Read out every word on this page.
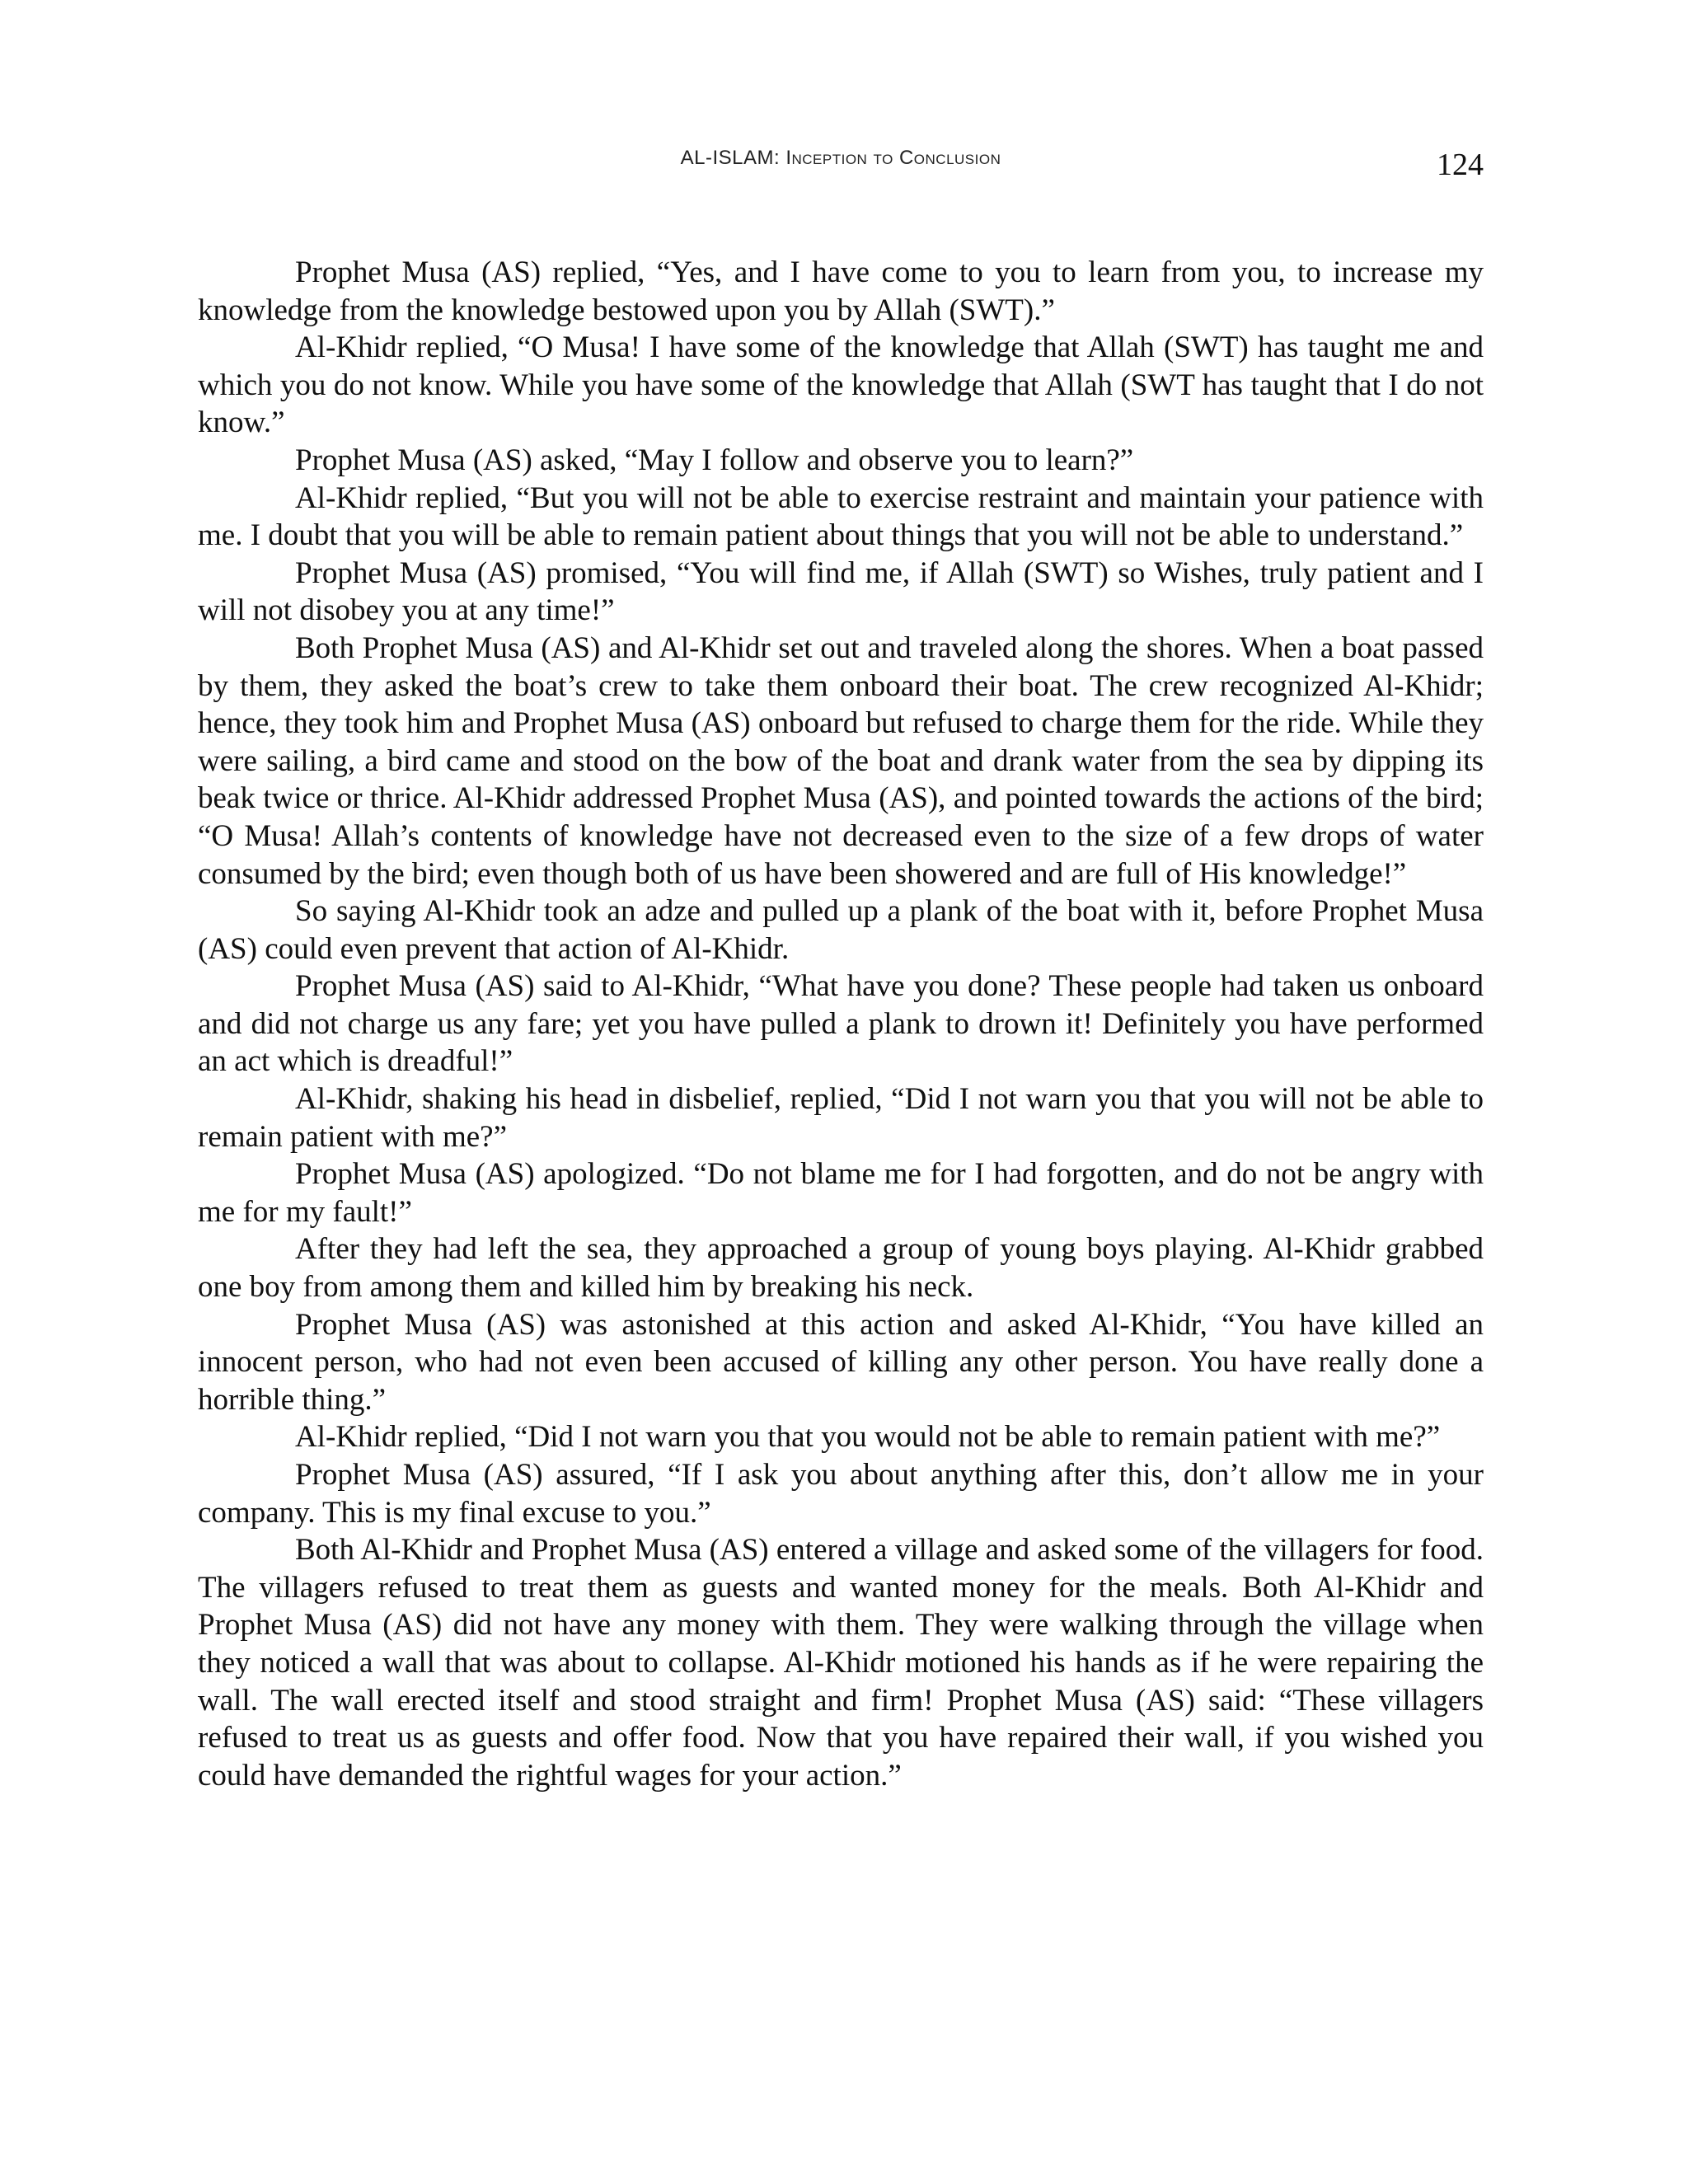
AL-ISLAM: Inception to Conclusion	124

Prophet Musa (AS) replied, “Yes, and I have come to you to learn from you, to increase my knowledge from the knowledge bestowed upon you by Allah (SWT).”

Al-Khidr replied, “O Musa! I have some of the knowledge that Allah (SWT) has taught me and which you do not know. While you have some of the knowledge that Allah (SWT has taught that I do not know.”

Prophet Musa (AS) asked, “May I follow and observe you to learn?”

Al-Khidr replied, “But you will not be able to exercise restraint and maintain your patience with me. I doubt that you will be able to remain patient about things that you will not be able to understand.”

Prophet Musa (AS) promised, “You will find me, if Allah (SWT) so Wishes, truly patient and I will not disobey you at any time!”

Both Prophet Musa (AS) and Al-Khidr set out and traveled along the shores. When a boat passed by them, they asked the boat’s crew to take them onboard their boat. The crew recognized Al-Khidr; hence, they took him and Prophet Musa (AS) onboard but refused to charge them for the ride. While they were sailing, a bird came and stood on the bow of the boat and drank water from the sea by dipping its beak twice or thrice. Al-Khidr addressed Prophet Musa (AS), and pointed towards the actions of the bird; “O Musa! Allah’s contents of knowledge have not decreased even to the size of a few drops of water consumed by the bird; even though both of us have been showered and are full of His knowledge!”

So saying Al-Khidr took an adze and pulled up a plank of the boat with it, before Prophet Musa (AS) could even prevent that action of Al-Khidr.

Prophet Musa (AS) said to Al-Khidr, “What have you done? These people had taken us onboard and did not charge us any fare; yet you have pulled a plank to drown it! Definitely you have performed an act which is dreadful!”

Al-Khidr, shaking his head in disbelief, replied, “Did I not warn you that you will not be able to remain patient with me?”

Prophet Musa (AS) apologized. “Do not blame me for I had forgotten, and do not be angry with me for my fault!”

After they had left the sea, they approached a group of young boys playing. Al-Khidr grabbed one boy from among them and killed him by breaking his neck.

Prophet Musa (AS) was astonished at this action and asked Al-Khidr, “You have killed an innocent person, who had not even been accused of killing any other person. You have really done a horrible thing.”

Al-Khidr replied, “Did I not warn you that you would not be able to remain patient with me?”

Prophet Musa (AS) assured, “If I ask you about anything after this, don’t allow me in your company. This is my final excuse to you.”

Both Al-Khidr and Prophet Musa (AS) entered a village and asked some of the villagers for food. The villagers refused to treat them as guests and wanted money for the meals. Both Al-Khidr and Prophet Musa (AS) did not have any money with them. They were walking through the village when they noticed a wall that was about to collapse. Al-Khidr motioned his hands as if he were repairing the wall. The wall erected itself and stood straight and firm! Prophet Musa (AS) said: “These villagers refused to treat us as guests and offer food. Now that you have repaired their wall, if you wished you could have demanded the rightful wages for your action.”
